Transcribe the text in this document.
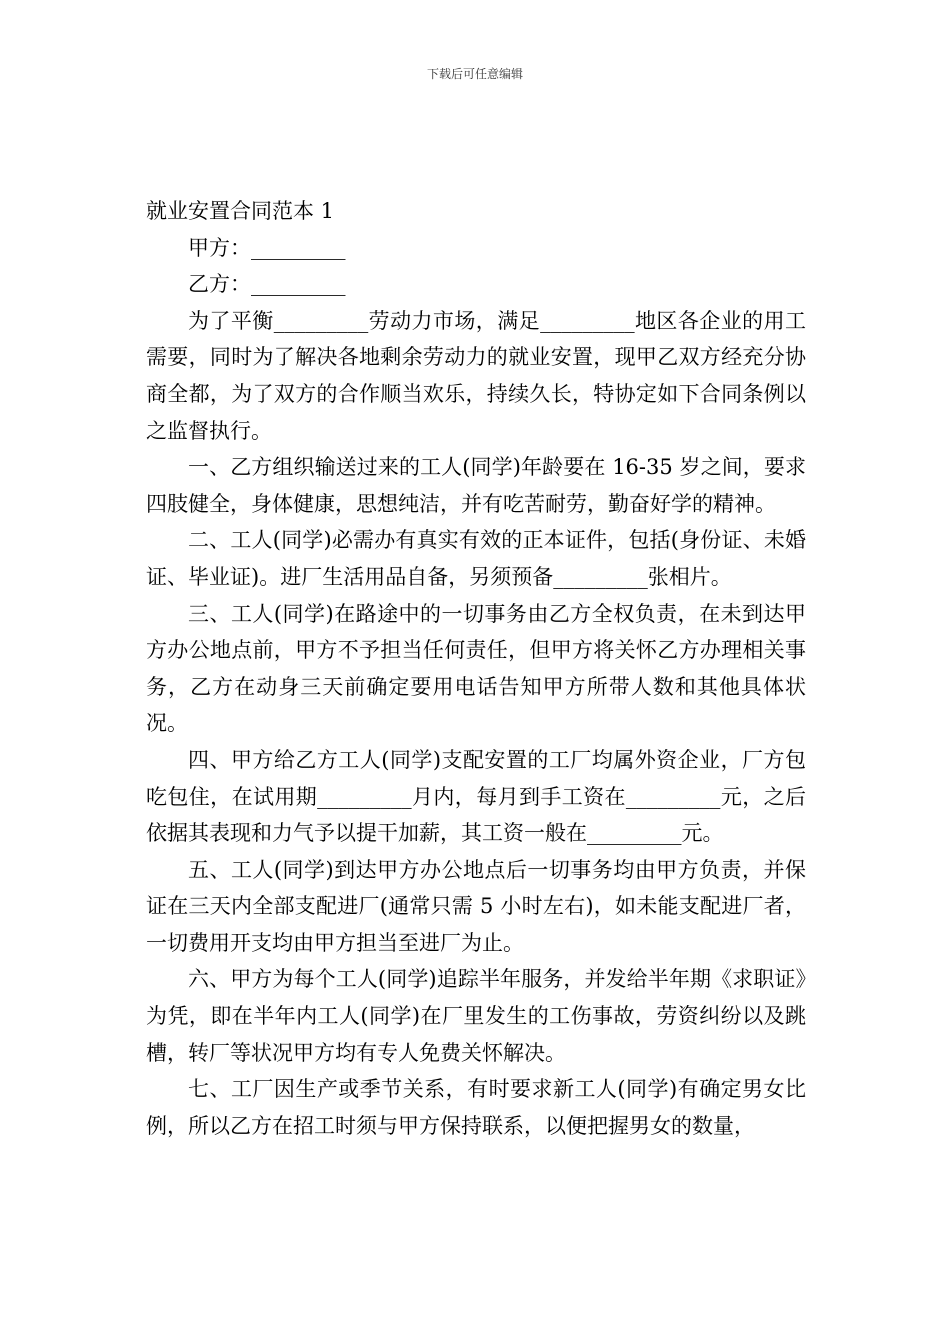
下载后可任意编辑

就业安置合同范本 1

甲方：_________

乙方：_________

为了平衡_________劳动力市场，满足_________地区各企业的用工需要，同时为了解决各地剩余劳动力的就业安置，现甲乙双方经充分协商全都，为了双方的合作顺当欢乐，持续久长，特协定如下合同条例以之监督执行。

一、乙方组织输送过来的工人(同学)年龄要在 16-35 岁之间，要求四肢健全，身体健康，思想纯洁，并有吃苦耐劳，勤奋好学的精神。

二、工人(同学)必需办有真实有效的正本证件，包括(身份证、未婚证、毕业证)。进厂生活用品自备，另须预备_________张相片。

三、工人(同学)在路途中的一切事务由乙方全权负责，在未到达甲方办公地点前，甲方不予担当任何责任，但甲方将关怀乙方办理相关事务，乙方在动身三天前确定要用电话告知甲方所带人数和其他具体状况。

四、甲方给乙方工人(同学)支配安置的工厂均属外资企业，厂方包吃包住，在试用期_________月内，每月到手工资在_________元，之后依据其表现和力气予以提干加薪，其工资一般在_________元。

五、工人(同学)到达甲方办公地点后一切事务均由甲方负责，并保证在三天内全部支配进厂(通常只需 5 小时左右)，如未能支配进厂者，一切费用开支均由甲方担当至进厂为止。

六、甲方为每个工人(同学)追踪半年服务，并发给半年期《求职证》为凭，即在半年内工人(同学)在厂里发生的工伤事故，劳资纠纷以及跳槽，转厂等状况甲方均有专人免费关怀解决。

七、工厂因生产或季节关系，有时要求新工人(同学)有确定男女比例，所以乙方在招工时须与甲方保持联系，以便把握男女的数量，
